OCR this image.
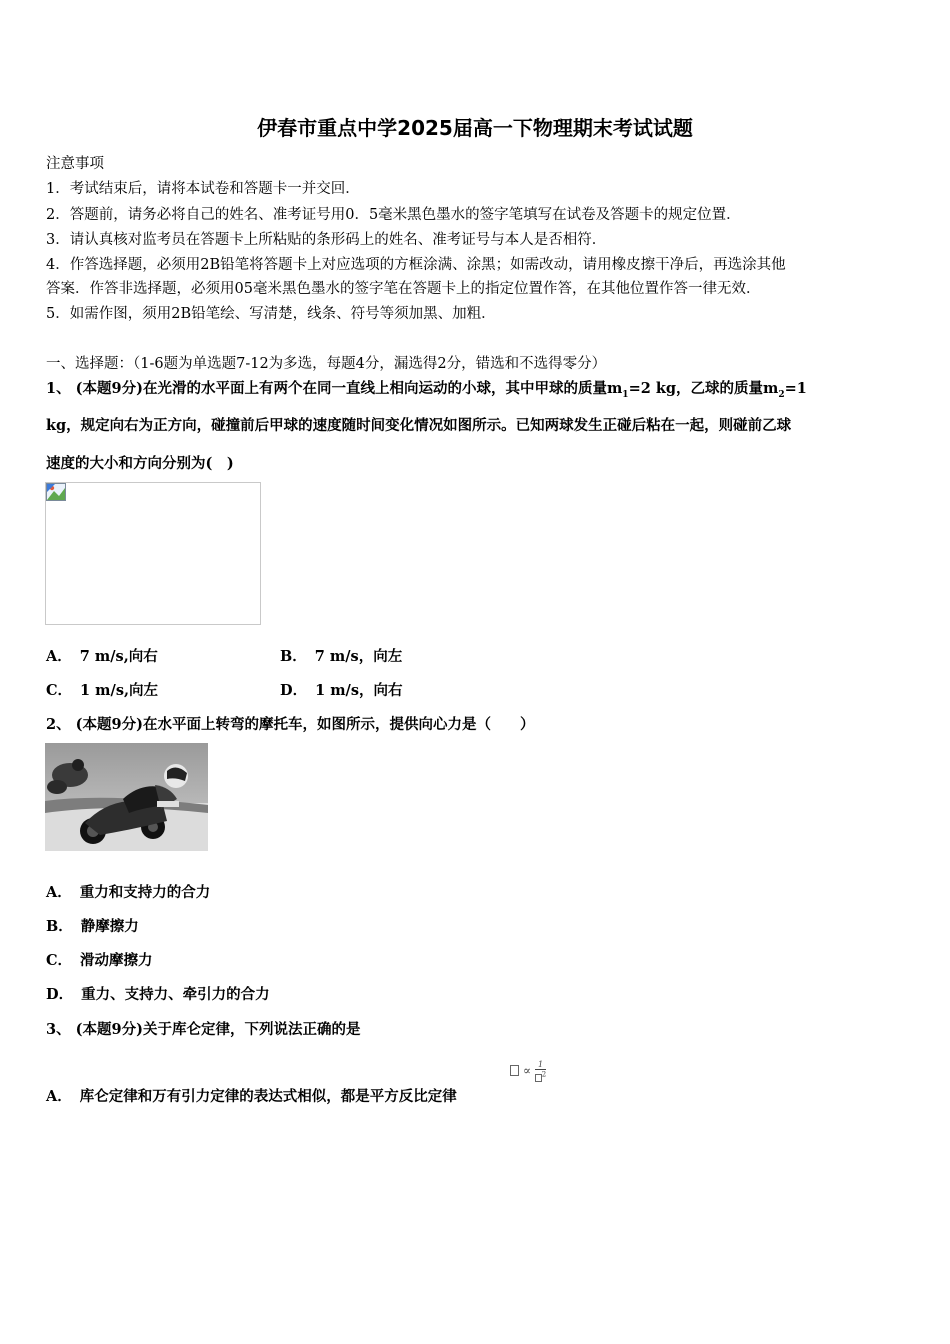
伊春市重点中学2025届高一下物理期末考试试题
注意事项
1．考试结束后，请将本试卷和答题卡一并交回．
2．答题前，请务必将自己的姓名、准考证号用0．5毫米黑色墨水的签字笔填写在试卷及答题卡的规定位置．
3．请认真核对监考员在答题卡上所粘贴的条形码上的姓名、准考证号与本人是否相符．
4．作答选择题，必须用2B铅笔将答题卡上对应选项的方框涂满、涂黑；如需改动，请用橡皮擦干净后，再选涂其他
答案．作答非选择题，必须用05毫米黑色墨水的签字笔在答题卡上的指定位置作答，在其他位置作答一律无效．
5．如需作图，须用2B铅笔绘、写清楚，线条、符号等须加黑、加粗．
一、选择题：（1-6题为单选题7-12为多选，每题4分，漏选得2分，错选和不选得零分）
1、 (本题9分)在光滑的水平面上有两个在同一直线上相向运动的小球，其中甲球的质量$m_1=2$ kg，乙球的质量$m_2=1$
kg，规定向右为正方向，碰撞前后甲球的速度随时间变化情况如图所示。已知两球发生正碰后粘在一起，则碰前乙球
速度的大小和方向分别为(　)
A． 7 m/s,向右	B． 7 m/s，向左
C． 1 m/s,向左	D． 1 m/s，向右
2、 (本题9分)在水平面上转弯的摩托车，如图所示，提供向心力是（　　）
A． 重力和支持力的合力
B． 静摩擦力
C． 滑动摩擦力
D． 重力、支持力、牵引力的合力
3、 (本题9分)关于库仑定律，下列说法正确的是
∝ $\frac{1}{^2}$
A． 库仑定律和万有引力定律的表达式相似，都是平方反比定律
